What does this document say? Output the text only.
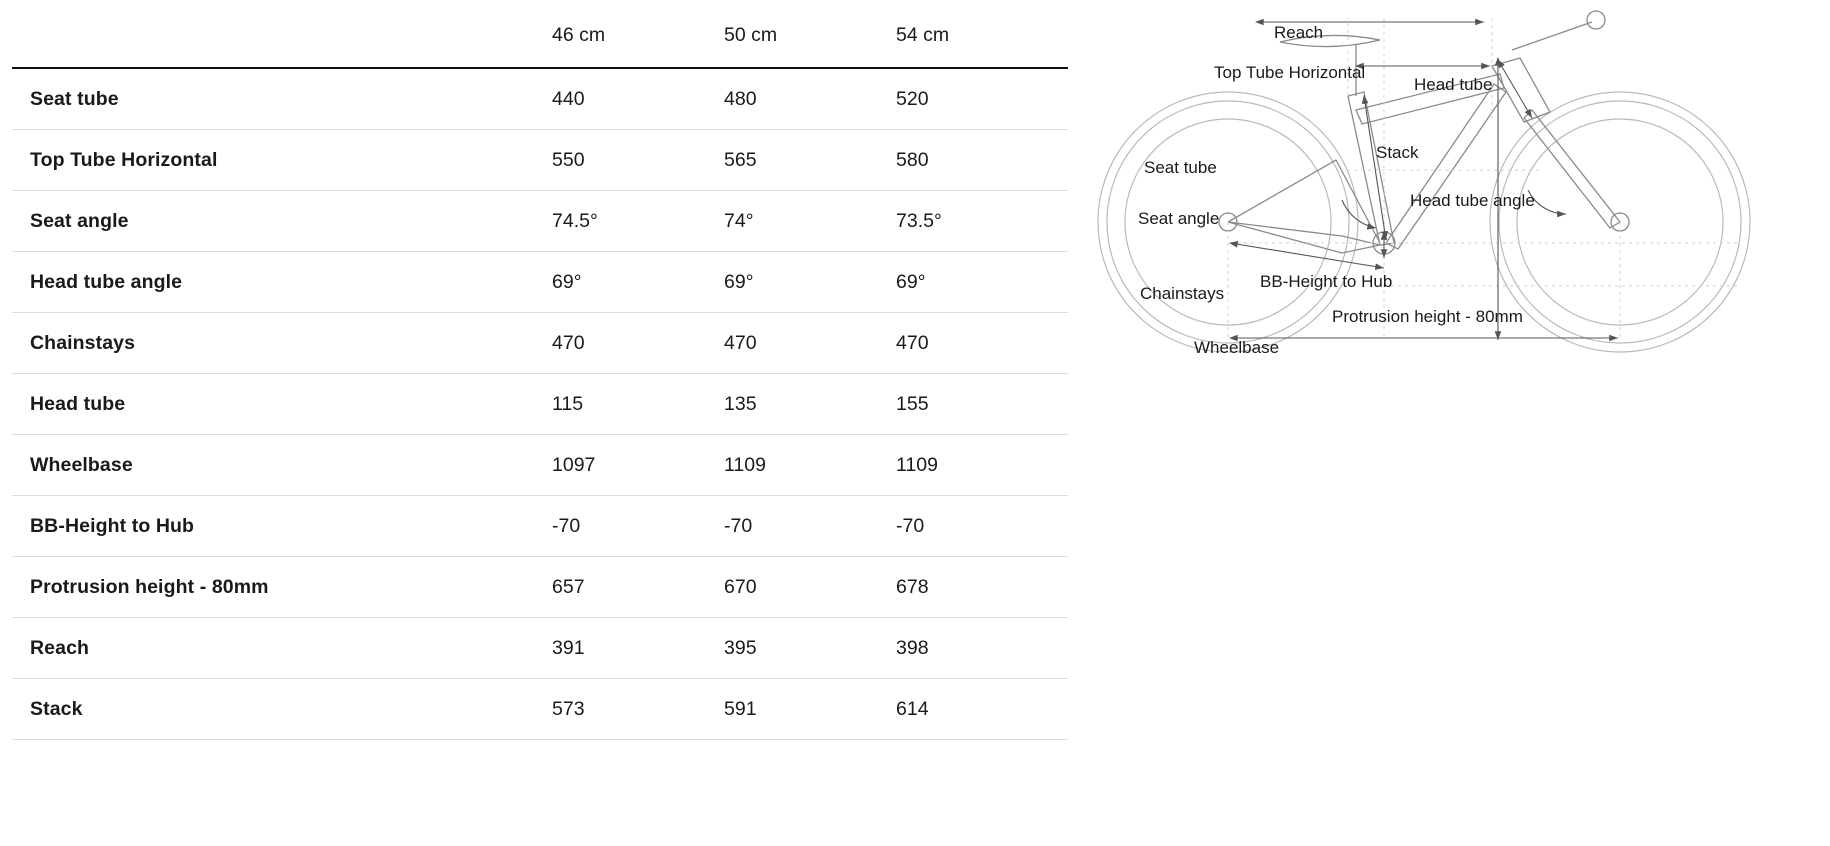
	46 cm	50 cm	54 cm
Seat tube	440	480	520
Top Tube Horizontal	550	565	580
Seat angle	74.5°	74°	73.5°
Head tube angle	69°	69°	69°
Chainstays	470	470	470
Head tube	115	135	155
Wheelbase	1097	1109	1109
BB-Height to Hub	-70	-70	-70
Protrusion height - 80mm	657	670	678
Reach	391	395	398
Stack	573	591	614
Reach
Top Tube Horizontal
Head tube
Seat tube
Stack
Head tube angle
Seat angle
BB-Height to Hub
Chainstays
Protrusion height - 80mm
Wheelbase
